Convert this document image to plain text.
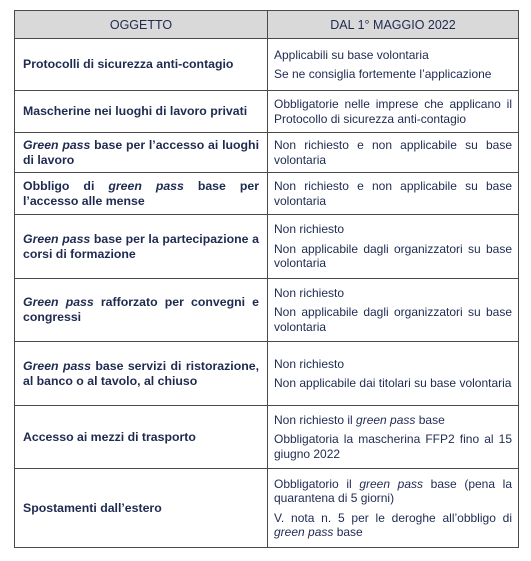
OGGETTO	DAL 1° MAGGIO 2022
Protocolli di sicurezza anti-contagio	Applicabili su base volontaria

Se ne consiglia fortemente l’applicazione

Mascherine nei luoghi di lavoro privati	Obbligatorie nelle imprese che applicano il Protocollo di sicurezza anti-contagio

Green pass base per l’accesso ai luoghi di lavoro	Non richiesto e non applicabile su base volontaria

Obbligo di green pass base per l’accesso alle mense	Non richiesto e non applicabile su base volontaria

Green pass base per la partecipazione a corsi di formazione	Non richiesto

Non applicabile dagli organizzatori su base volontaria

Green pass rafforzato per convegni e congressi	Non richiesto

Non applicabile dagli organizzatori su base volontaria

Green pass base servizi di ristorazione, al banco o al tavolo, al chiuso	Non richiesto

Non applicabile dai titolari su base volontaria

Accesso ai mezzi di trasporto	Non richiesto il green pass base

Obbligatoria la mascherina FFP2 fino al 15 giugno 2022

Spostamenti dall’estero	Obbligatorio il green pass base (pena la quarantena di 5 giorni)

V. nota n. 5 per le deroghe all’obbligo di green pass base
